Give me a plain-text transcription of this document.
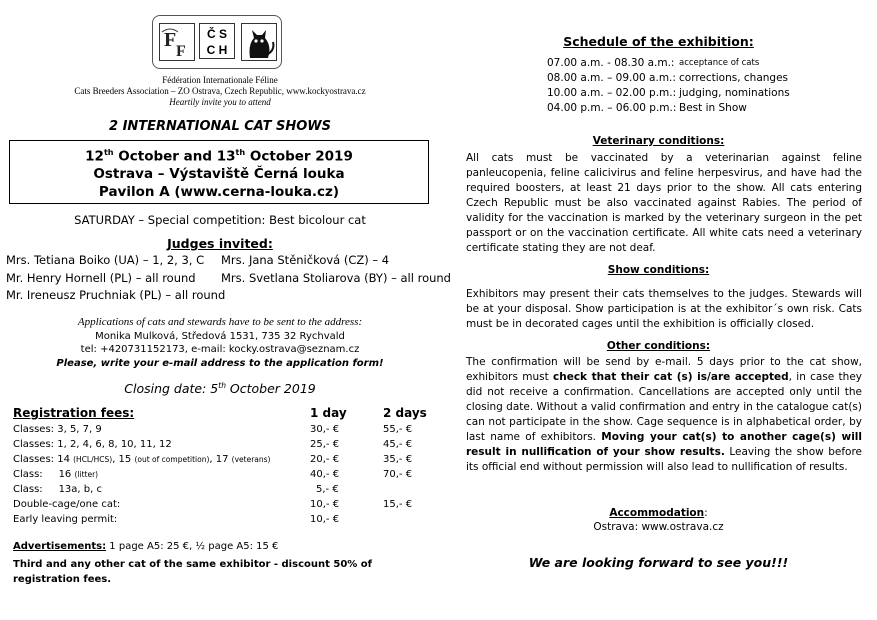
F
F
Č S
C H
Fédération Internationale Féline
Cats Breeders Association – ZO Ostrava, Czech Republic, www.kockyostrava.cz
Heartily invite you to attend
2 INTERNATIONAL CAT SHOWS
12th October and 13th October 2019
Ostrava – Výstaviště Černá louka
Pavilon A (www.cerna-louka.cz)
SATURDAY – Special competition: Best bicolour cat
Judges invited:
Mrs. Tetiana Boiko (UA) – 1, 2, 3, C Mrs. Jana Stěničková (CZ) – 4
Mr. Henry Hornell (PL) – all round Mrs. Svetlana Stoliarova (BY) – all round
Mr. Ireneusz Pruchniak (PL) – all round
Applications of cats and stewards have to be sent to the address:
Monika Mulková, Středová 1531, 735 32 Rychvald
tel: +420731152173, e-mail: kocky.ostrava@seznam.cz
Please, write your e-mail address to the application form!
Closing date: 5th October 2019
Registration fees:	1 day	2 days
Classes: 3, 5, 7, 9	30,- €	55,- €
Classes: 1, 2, 4, 6, 8, 10, 11, 12	25,- €	45,- €
Classes: 14 (HCL/HCS), 15 (out of competition), 17 (veterans)	20,- €	35,- €
Class:     16 (litter)	40,- €	70,- €
Class:     13a, b, c	5,- €
Double-cage/one cat:	10,- €	15,- €
Early leaving permit:	10,- €
Advertisements: 1 page A5: 25 €, ½ page A5: 15 €
Third and any other cat of the same exhibitor - discount 50% of registration fees.
Schedule of the exhibition:
07.00 a.m. - 08.30 a.m.: acceptance of cats
08.00 a.m. – 09.00 a.m.: corrections, changes
10.00 a.m. – 02.00 p.m.: judging, nominations
04.00 p.m. – 06.00 p.m.: Best in Show
Veterinary conditions:
All cats must be vaccinated by a veterinarian against feline panleucopenia, feline calicivirus and feline herpesvirus, and have had the required boosters, at least 21 days prior to the show. All cats entering Czech Republic must be also vaccinated against Rabies. The period of validity for the vaccination is marked by the veterinary surgeon in the pet passport or on the vaccination certificate. All white cats need a veterinary certificate stating they are not deaf.
Show conditions:
Exhibitors may present their cats themselves to the judges. Stewards will be at your disposal. Show participation is at the exhibitor´s own risk. Cats must be in decorated cages until the exhibition is officially closed.
Other conditions:
The confirmation will be send by e-mail. 5 days prior to the cat show, exhibitors must check that their cat (s) is/are accepted, in case they did not receive a confirmation. Cancellations are accepted only until the closing date. Without a valid confirmation and entry in the catalogue cat(s) can not participate in the show. Cage sequence is in alphabetical order, by last name of exhibitors. Moving your cat(s) to another cage(s) will result in nullification of your show results. Leaving the show before its official end without permission will also lead to nullification of results.
Accommodation:
Ostrava: www.ostrava.cz
We are looking forward to see you!!!
